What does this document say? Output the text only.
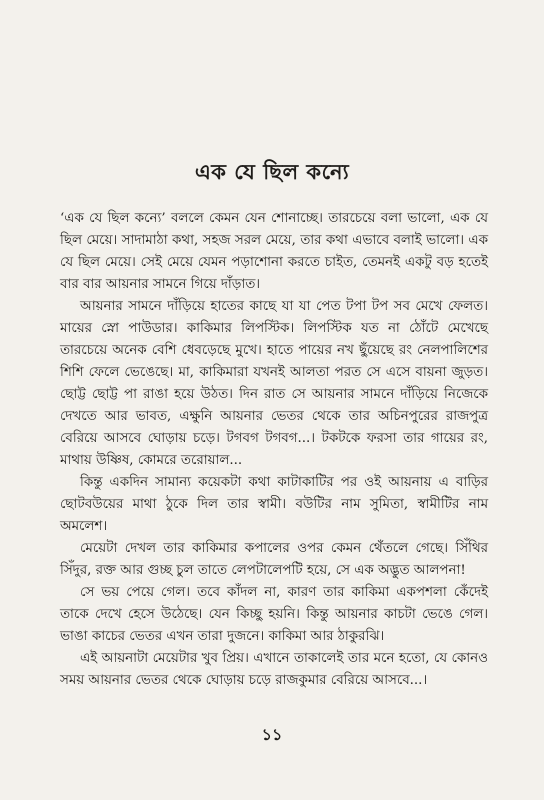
এক যে ছিল কন্যে

‘এক যে ছিল কন্যে’ বললে কেমন যেন শোনাচ্ছে। তারচেয়ে বলা ভালো, এক যে ছিল মেয়ে। সাদামাঠা কথা, সহজ সরল মেয়ে, তার কথা এভাবে বলাই ভালো। এক যে ছিল মেয়ে। সেই মেয়ে যেমন পড়াশোনা করতে চাইত, তেমনই একটু বড় হতেই বার বার আয়নার সামনে গিয়ে দাঁড়াত।

আয়নার সামনে দাঁড়িয়ে হাতের কাছে যা যা পেত টপা টপ সব মেখে ফেলত। মায়ের স্নো পাউডার। কাকিমার লিপস্টিক। লিপস্টিক যত না ঠোঁটে মেখেছে তারচেয়ে অনেক বেশি ধেবড়েছে মুখে। হাতে পায়ের নখ ছুঁয়েছে রং নেলপালিশের শিশি ফেলে ভেঙেছে। মা, কাকিমারা যখনই আলতা পরত সে এসে বায়না জুড়ত। ছোট্ট ছোট্ট পা রাঙা হয়ে উঠত। দিন রাত সে আয়নার সামনে দাঁড়িয়ে নিজেকে দেখতে আর ভাবত, এক্ষুনি আয়নার ভেতর থেকে তার অচিনপুরের রাজপুত্র বেরিয়ে আসবে ঘোড়ায় চড়ে। টগবগ টগবগ...। টকটকে ফরসা তার গায়ের রং, মাথায় উষ্ণিষ, কোমরে তরোয়াল...

কিন্তু একদিন সামান্য কয়েকটা কথা কাটাকাটির পর ওই আয়নায় এ বাড়ির ছোটবউয়ের মাথা ঠুকে দিল তার স্বামী। বউটির নাম সুমিতা, স্বামীটির নাম অমলেশ।

মেয়েটা দেখল তার কাকিমার কপালের ওপর কেমন থেঁতলে গেছে। সিঁথির সিঁদুর, রক্ত আর গুচ্ছ চুল তাতে লেপটালেপটি হয়ে, সে এক অদ্ভুত আলপনা!

সে ভয় পেয়ে গেল। তবে কাঁদল না, কারণ তার কাকিমা একপশলা কেঁদেই তাকে দেখে হেসে উঠেছে। যেন কিচ্ছু হয়নি। কিন্তু আয়নার কাচটা ভেঙে গেল। ভাঙা কাচের ভেতর এখন তারা দুজনে। কাকিমা আর ঠাকুরঝি।

এই আয়নাটা মেয়েটার খুব প্রিয়। এখানে তাকালেই তার মনে হতো, যে কোনও সময় আয়নার ভেতর থেকে ঘোড়ায় চড়ে রাজকুমার বেরিয়ে আসবে...।

১১
